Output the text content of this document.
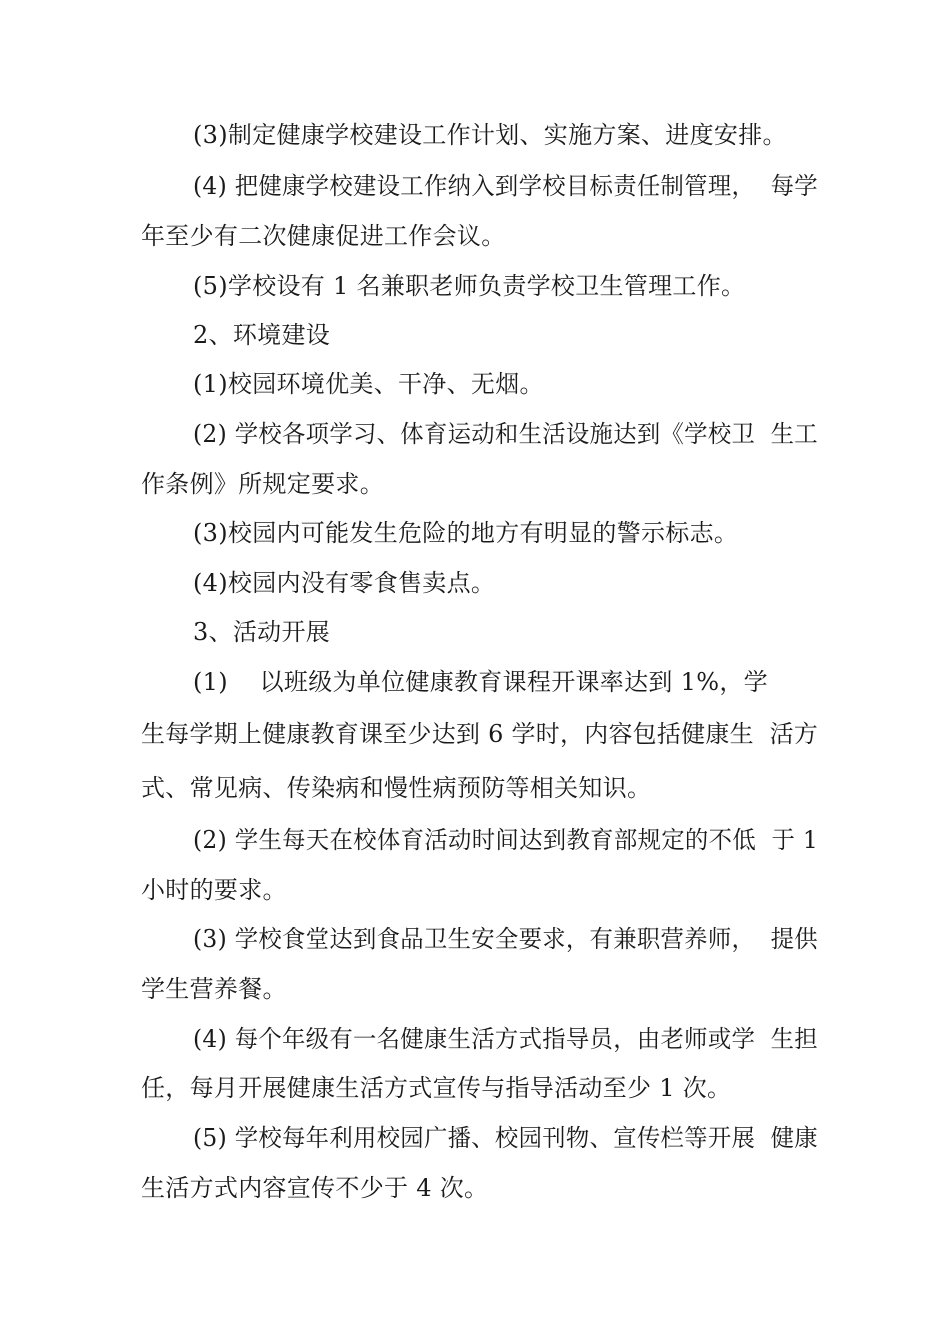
(3)制定健康学校建设工作计划、实施方案、进度安排。
(4) 把健康学校建设工作纳入到学校目标责任制管理，  每学
年至少有二次健康促进工作会议。
(5)学校设有 1 名兼职老师负责学校卫生管理工作。
2、环境建设
(1)校园环境优美、干净、无烟。
(2) 学校各项学习、体育运动和生活设施达到《学校卫  生工
作条例》所规定要求。
(3)校园内可能发生危险的地方有明显的警示标志。
(4)校园内没有零食售卖点。
3、活动开展
(1)    以班级为单位健康教育课程开课率达到 1%，学
生每学期上健康教育课至少达到 6 学时，内容包括健康生  活方
式、常见病、传染病和慢性病预防等相关知识。
(2) 学生每天在校体育活动时间达到教育部规定的不低  于 1
小时的要求。
(3) 学校食堂达到食品卫生安全要求，有兼职营养师，  提供
学生营养餐。
(4) 每个年级有一名健康生活方式指导员，由老师或学  生担
任，每月开展健康生活方式宣传与指导活动至少 1 次。
(5) 学校每年利用校园广播、校园刊物、宣传栏等开展  健康
生活方式内容宣传不少于 4 次。
